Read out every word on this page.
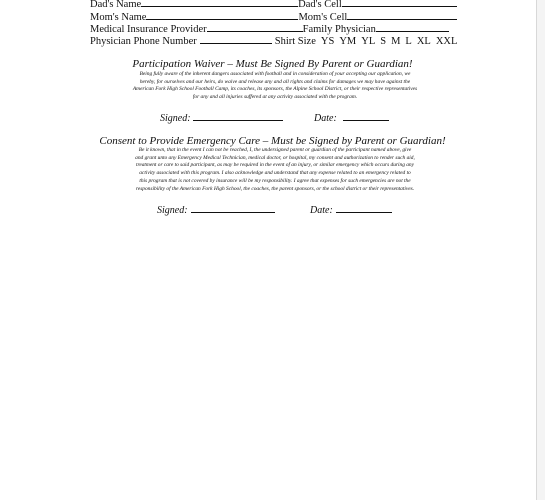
Dad's Name	Dad's Cell
Mom's Name	Mom's Cell
Medical Insurance Provider	Family Physician
Physician Phone Number	Shirt Size YS YM YL S M L XL XXL
Participation Waiver – Must Be Signed By Parent or Guardian!
Being fully aware of the inherent dangers associated with football and in consideration of your accepting our application, we
hereby, for ourselves and our heirs, do waive and release any and all rights and claims for damages we may have against the
American Fork High School Football Camp, its coaches, its sponsors, the Alpine School District, or their respective representatives
for any and all injuries suffered at any activity associated with the program.
Signed:	Date:
Consent to Provide Emergency Care – Must be Signed by Parent or Guardian!
Be it known, that in the event I can not be reached, I, the undersigned parent or guardian of the participant named above, give
and grant unto any Emergency Medical Technician, medical doctor, or hospital, my consent and authorization to render such aid,
treatment or care to said participant, as may be required in the event of an injury, or similar emergency which occurs during any
activity associated with this program. I also acknowledge and understand that any expense related to an emergency related to
this program that is not covered by insurance will be my responsibility. I agree that expenses for such emergencies are not the
responsibility of the American Fork High School, the coaches, the parent sponsors, or the school district or their representatives.
Signed:	Date:
